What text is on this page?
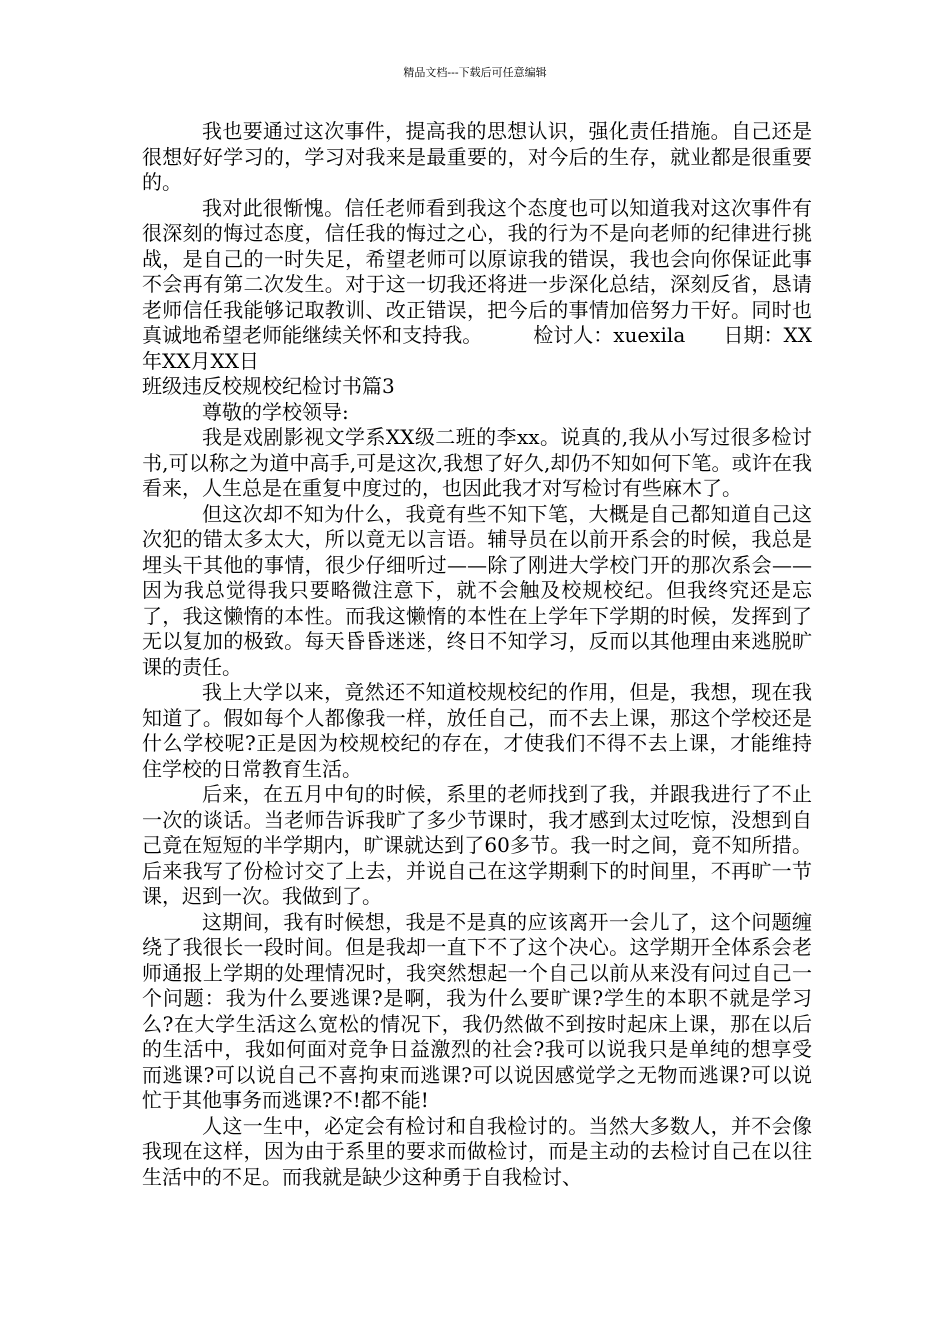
精品文档---下载后可任意编辑

我也要通过这次事件，提高我的思想认识，强化责任措施。自己还是很想好好学习的，学习对我来是最重要的，对今后的生存，就业都是很重要的。

我对此很惭愧。信任老师看到我这个态度也可以知道我对这次事件有很深刻的悔过态度，信任我的悔过之心，我的行为不是向老师的纪律进行挑战，是自己的一时失足，希望老师可以原谅我的错误，我也会向你保证此事不会再有第二次发生。对于这一切我还将进一步深化总结，深刻反省，恳请老师信任我能够记取教训、改正错误，把今后的事情加倍努力干好。同时也真诚地希望老师能继续关怀和支持我。	检讨人：xuexila 日期：XX年XX月XX日

班级违反校规校纪检讨书篇3

尊敬的学校领导:

我是戏剧影视文学系XX级二班的李xx。说真的,我从小写过很多检讨书,可以称之为道中高手,可是这次,我想了好久,却仍不知如何下笔。或许在我看来，人生总是在重复中度过的，也因此我才对写检讨有些麻木了。

但这次却不知为什么，我竟有些不知下笔，大概是自己都知道自己这次犯的错太多太大，所以竟无以言语。辅导员在以前开系会的时候，我总是埋头干其他的事情，很少仔细听过——除了刚进大学校门开的那次系会——因为我总觉得我只要略微注意下，就不会触及校规校纪。但我终究还是忘了，我这懒惰的本性。而我这懒惰的本性在上学年下学期的时候，发挥到了无以复加的极致。每天昏昏迷迷，终日不知学习，反而以其他理由来逃脱旷课的责任。

我上大学以来，竟然还不知道校规校纪的作用，但是，我想，现在我知道了。假如每个人都像我一样，放任自己，而不去上课，那这个学校还是什么学校呢?正是因为校规校纪的存在，才使我们不得不去上课，才能维持住学校的日常教育生活。

后来，在五月中旬的时候，系里的老师找到了我，并跟我进行了不止一次的谈话。当老师告诉我旷了多少节课时，我才感到太过吃惊，没想到自己竟在短短的半学期内，旷课就达到了60多节。我一时之间，竟不知所措。后来我写了份检讨交了上去，并说自己在这学期剩下的时间里，不再旷一节课，迟到一次。我做到了。

这期间，我有时候想，我是不是真的应该离开一会儿了，这个问题缠绕了我很长一段时间。但是我却一直下不了这个决心。这学期开全体系会老师通报上学期的处理情况时，我突然想起一个自己以前从来没有问过自己一个问题：我为什么要逃课?是啊，我为什么要旷课?学生的本职不就是学习么?在大学生活这么宽松的情况下，我仍然做不到按时起床上课，那在以后的生活中，我如何面对竞争日益激烈的社会?我可以说我只是单纯的想享受而逃课?可以说自己不喜拘束而逃课?可以说因感觉学之无物而逃课?可以说忙于其他事务而逃课?不!都不能!

人这一生中，必定会有检讨和自我检讨的。当然大多数人，并不会像我现在这样，因为由于系里的要求而做检讨，而是主动的去检讨自己在以往生活中的不足。而我就是缺少这种勇于自我检讨、
